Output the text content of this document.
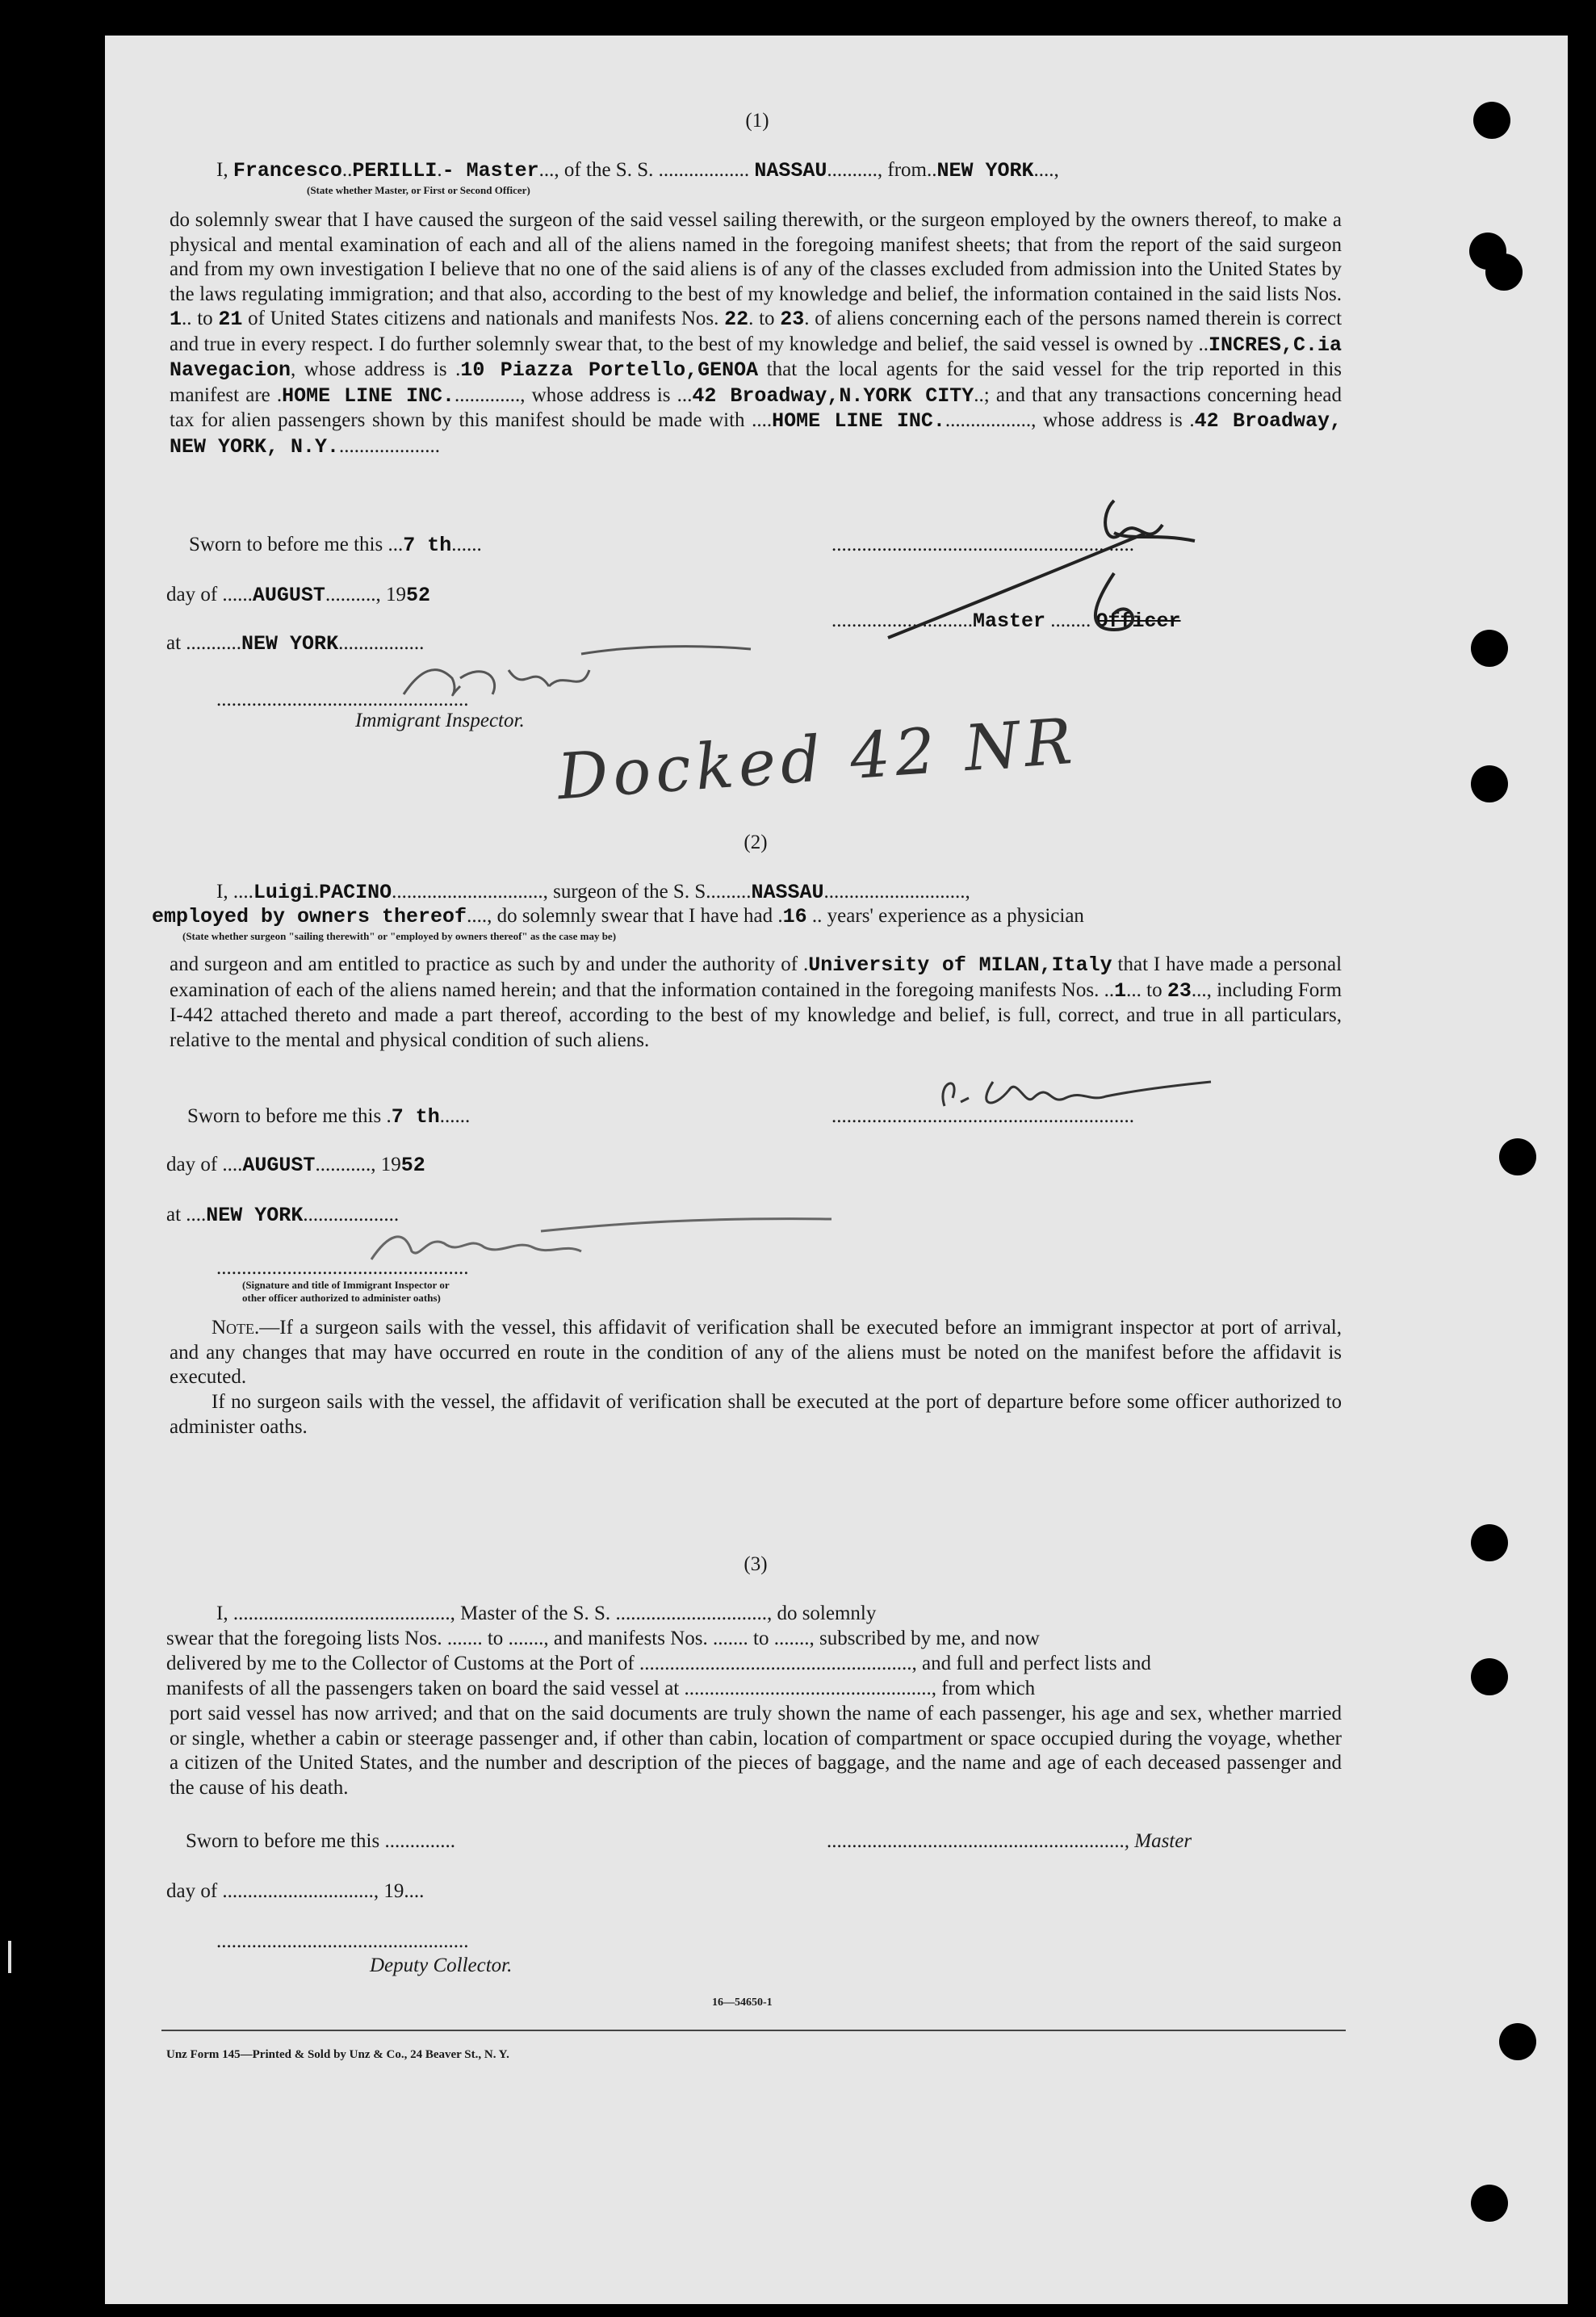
(1)
I, Francesco..PERILLI.- Master..., of the S. S. .................. NASSAU.........., from..NEW YORK....,
(State whether Master, or First or Second Officer)
do solemnly swear that I have caused the surgeon of the said vessel sailing therewith, or the surgeon employed by the owners thereof, to make a physical and mental examination of each and all of the aliens named in the foregoing manifest sheets; that from the report of the said surgeon and from my own investigation I believe that no one of the said aliens is of any of the classes excluded from admission into the United States by the laws regulating immigration; and that also, according to the best of my knowledge and belief, the information contained in the said lists Nos. 1.. to 21 of United States citizens and nationals and manifests Nos. 22. to 23. of aliens concerning each of the persons named therein is correct and true in every respect. I do further solemnly swear that, to the best of my knowledge and belief, the said vessel is owned by ..INCRES,C.ia Navegacion, whose address is .10 Piazza Portello,GENOA that the local agents for the said vessel for the trip reported in this manifest are .HOME LINE INC.............., whose address is ...42 Broadway,N.YORK CITY..; and that any transactions concerning head tax for alien passengers shown by this manifest should be made with ....HOME LINE INC.................., whose address is .42 Broadway, NEW YORK, N.Y.....................
Sworn to before me this ...7 th......	............................................................
day of ......AUGUST.........., 1952
............................Master ........ Officer
at ...........NEW YORK.................
..................................................
Immigrant Inspector. Docked 42 NR
(2)
I, ....Luigi.PACINO.............................., surgeon of the S. S.........NASSAU............................,
employed by owners thereof...., do solemnly swear that I have had .16 .. years' experience as a physician
(State whether surgeon "sailing therewith" or "employed by owners thereof" as the case may be)
and surgeon and am entitled to practice as such by and under the authority of .University of MILAN,Italy that I have made a personal examination of each of the aliens named herein; and that the information contained in the foregoing manifests Nos. ..1... to 23..., including Form I-442 attached thereto and made a part thereof, according to the best of my knowledge and belief, is full, correct, and true in all particulars, relative to the mental and physical condition of such aliens.
Sworn to before me this .7 th......	............................................................
day of ....AUGUST..........., 1952
at ....NEW YORK...................
..................................................
(Signature and title of Immigrant Inspector or
other officer authorized to administer oaths)
Note.—If a surgeon sails with the vessel, this affidavit of verification shall be executed before an immigrant inspector at port of arrival, and any changes that may have occurred en route in the condition of any of the aliens must be noted on the manifest before the affidavit is executed.
If no surgeon sails with the vessel, the affidavit of verification shall be executed at the port of departure before some officer authorized to administer oaths.
(3)
I, ..........................................., Master of the S. S. .............................., do solemnly
swear that the foregoing lists Nos. ....... to ......., and manifests Nos. ....... to ......., subscribed by me, and now
delivered by me to the Collector of Customs at the Port of ......................................................, and full and perfect lists and
manifests of all the passengers taken on board the said vessel at ................................................., from which
port said vessel has now arrived; and that on the said documents are truly shown the name of each passenger, his age and sex, whether married or single, whether a cabin or steerage passenger and, if other than cabin, location of compartment or space occupied during the voyage, whether a citizen of the United States, and the number and description of the pieces of baggage, and the name and age of each deceased passenger and the cause of his death.
Sworn to before me this ..............	..........................................................., Master
day of .............................., 19....
..................................................
Deputy Collector.
16—54650-1
Unz Form 145—Printed & Sold by Unz & Co., 24 Beaver St., N. Y.
